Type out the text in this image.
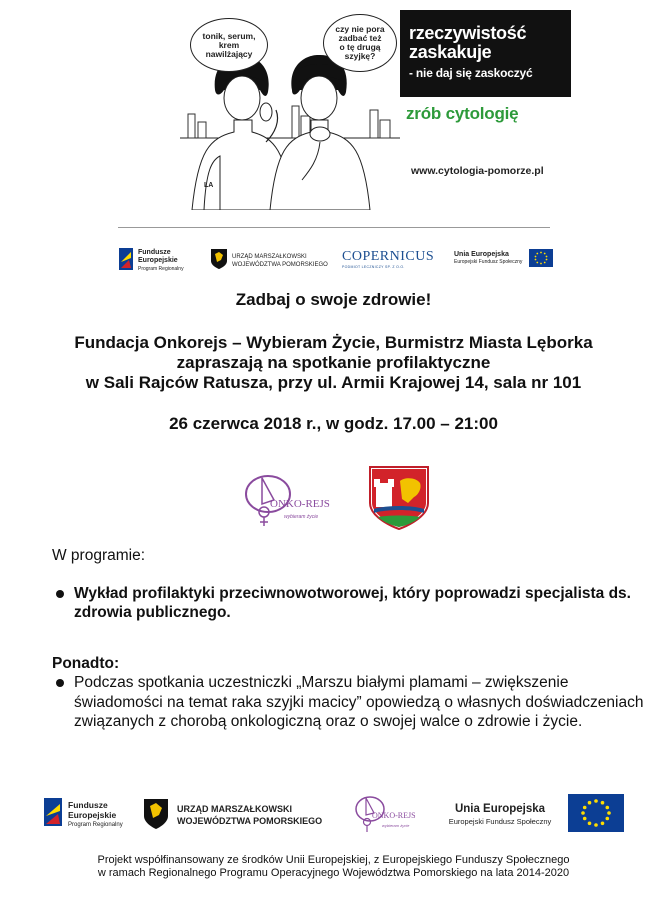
tonik, serum,
krem
nawilżający
czy nie pora
zadbać też
o tę drugą
szyjkę?
LA
rzeczywistość
zaskakuje
- nie daj się zaskoczyć
zrób cytologię
www.cytologia-pomorze.pl
Fundusze
Europejskie
Program Regionalny
URZĄD MARSZAŁKOWSKI
WOJEWÓDZTWA POMORSKIEGO
COPERNICUS
PODMIOT LECZNICZY SP. Z O.O.
Unia Europejska
Europejski Fundusz Społeczny
Zadbaj o swoje zdrowie!
Fundacja Onkorejs – Wybieram Życie, Burmistrz Miasta Lęborka
zapraszają na spotkanie profilaktyczne
w Sali Rajców Ratusza, przy ul. Armii Krajowej 14, sala nr 101
26 czerwca 2018 r., w godz. 17.00 – 21:00
ONKO-REJS
wybieram życie
W programie:
Wykład profilaktyki przeciwnowotworowej, który poprowadzi specjalista ds. zdrowia publicznego.
Ponadto:
Podczas spotkania uczestniczki „Marszu białymi plamami – zwiększenie świadomości na temat raka szyjki macicy” opowiedzą o własnych doświadczeniach związanych z chorobą onkologiczną oraz o swojej walce o zdrowie i życie.
Fundusze
Europejskie
Program Regionalny
URZĄD MARSZAŁKOWSKI
WOJEWÓDZTWA POMORSKIEGO
ONKO-REJS
wybieram życie
Unia Europejska
Europejski Fundusz Społeczny
Projekt współfinansowany ze środków Unii Europejskiej, z Europejskiego Funduszy Społecznego
w ramach Regionalnego Programu Operacyjnego Województwa Pomorskiego na lata 2014-2020
